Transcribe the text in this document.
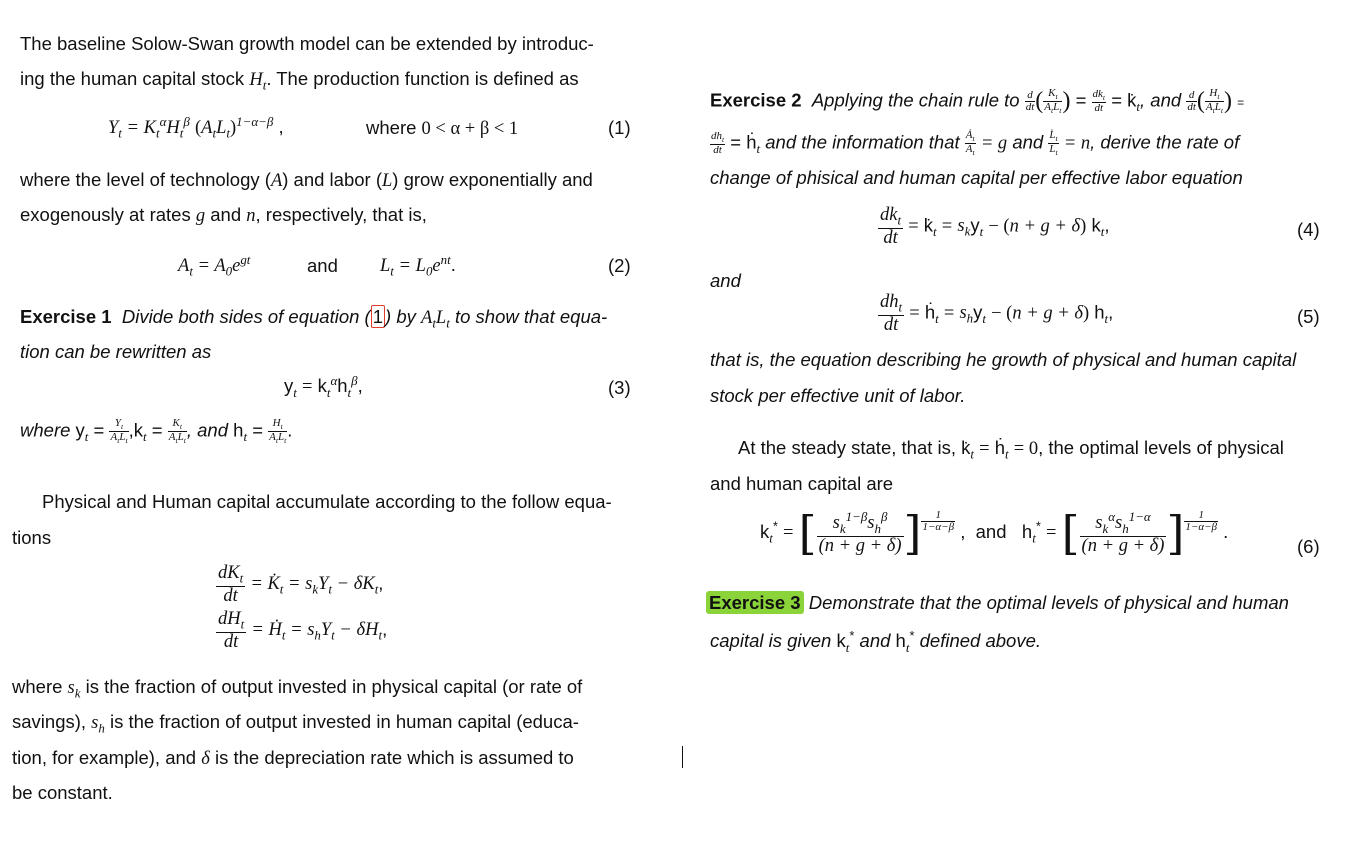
The baseline Solow-Swan growth model can be extended by introduc-
ing the human capital stock $H_t$. The production function is defined as
$Y_t = K_t^\alpha H_t^\beta$ $(A_tL_t)^{1-\alpha-\beta}$ ,	where 0 < α + β < 1	(1)
where the level of technology (A) and labor (L) grow exponentially and
exogenously at rates g and n, respectively, that is,
$A_t = A_0e^{gt}$	and $L_t = L_0e^{nt}$.	(2)
Exercise 1 Divide both sides of equation ( 1 ) by $A_tL_t$ to show that equa-
tion can be rewritten as
$y_t = k_t^\alpha h_t^\beta$,	(3)
where $y_t = \frac{Y_t}{A_tL_t} ,k_t = \frac{K_t}{A_tL_t}$ , and $h_t = \frac{H_t}{A_tL_t}$ .
Physical and Human capital accumulate according to the follow equa-
tions
$\frac{dK_t}{dt}$ = $K̇_t = s_kY_t - \delta K_t$,
$\frac{dH_t}{dt}$ = Ḣ$_t$ = $s_hY_t - \delta H_t$,
where $s_k$ is the fraction of output invested in physical capital (or rate of
savings), $s_h$ is the fraction of output invested in human capital (educa-
tion, for example), and δ is the depreciation rate which is assumed to
be constant.
Exercise 2 Applying the chain rule to $\frac{d}{dt}$ ( $\frac{K_t}{A_tL_t}$ ) = $\frac{dk_t}{dt}$ = $k̇_t$, and $\frac{d}{dt}$ ( $\frac{H_t}{A_tL_t}$ ) =
$\frac{dh_t}{dt}$ = ḣ$_t$ and the information that $\frac{Ȧ_t}{A_t} = g$ and $\frac{L̇_t}{L_t} = n$, derive the rate of
change of phisical and human capital per effective labor equation
$\frac{dk_t}{dt}$ = $k̇_t = s_ky_t - (n + g + \delta)$ $k_t$,	(4)
and
$\frac{dh_t}{dt}$ = ḣ$_t$ = $s_hy_t - (n + g + \delta)$ $h_t$,	(5)
that is, the equation describing he growth of physical and human capital
stock per effective unit of labor.
At the steady state, that is, $k̇_t$ = ḣ$_t$ = 0, the optimal levels of physical
and human capital are
$k_t^*$ = [ $\frac{s_k^{1-\beta}s_h^\beta}{(n + g + \delta)}$ ] $^{\frac{1}{1-\alpha-\beta}}$ ,  and   $h_t^*$ = [ $\frac{s_k^\alpha s_h^{1-\alpha}}{(n + g + \delta)}$ ] $^{\frac{1}{1-\alpha-\beta}}$ .
(6)
Exercise 3 Demonstrate that the optimal levels of physical and human
capital is given $k_t^*$ and $h_t^*$ defined above.
